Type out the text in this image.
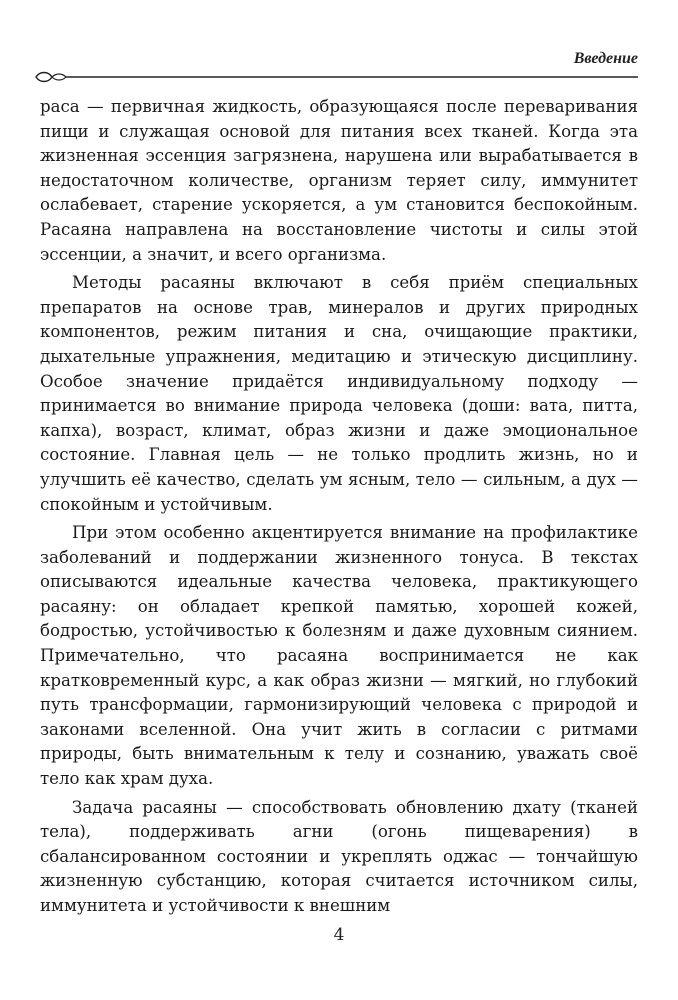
Введение

раса — первичная жидкость, образующаяся после переваривания пищи и служащая основой для питания всех тканей. Когда эта жизненная эссенция загрязнена, нарушена или вырабатывается в недостаточном количестве, организм теряет силу, иммунитет ослабевает, старение ускоряется, а ум становится беспокойным. Расаяна направлена на восстановление чистоты и силы этой эссенции, а значит, и всего организма.

Методы расаяны включают в себя приём специальных препаратов на основе трав, минералов и других природных компонентов, режим питания и сна, очищающие практики, дыхательные упражнения, медитацию и этическую дисциплину. Особое значение придаётся индивидуальному подходу — принимается во внимание природа человека (доши: вата, питта, капха), возраст, климат, образ жизни и даже эмоциональное состояние. Главная цель — не только продлить жизнь, но и улучшить её качество, сделать ум ясным, тело — сильным, а дух — спокойным и устойчивым.

При этом особенно акцентируется внимание на профилактике заболеваний и поддержании жизненного тонуса. В текстах описываются идеальные качества человека, практикующего расаяну: он обладает крепкой памятью, хорошей кожей, бодростью, устойчивостью к болезням и даже духовным сиянием. Примечательно, что расаяна воспринимается не как кратковременный курс, а как образ жизни — мягкий, но глубокий путь трансформации, гармонизирующий человека с природой и законами вселенной. Она учит жить в согласии с ритмами природы, быть внимательным к телу и сознанию, уважать своё тело как храм духа.

Задача расаяны — способствовать обновлению дхату (тканей тела), поддерживать агни (огонь пищеварения) в сбалансированном состоянии и укреплять оджас — тончайшую жизненную субстанцию, которая считается источником силы, иммунитета и устойчивости к внешним

4
